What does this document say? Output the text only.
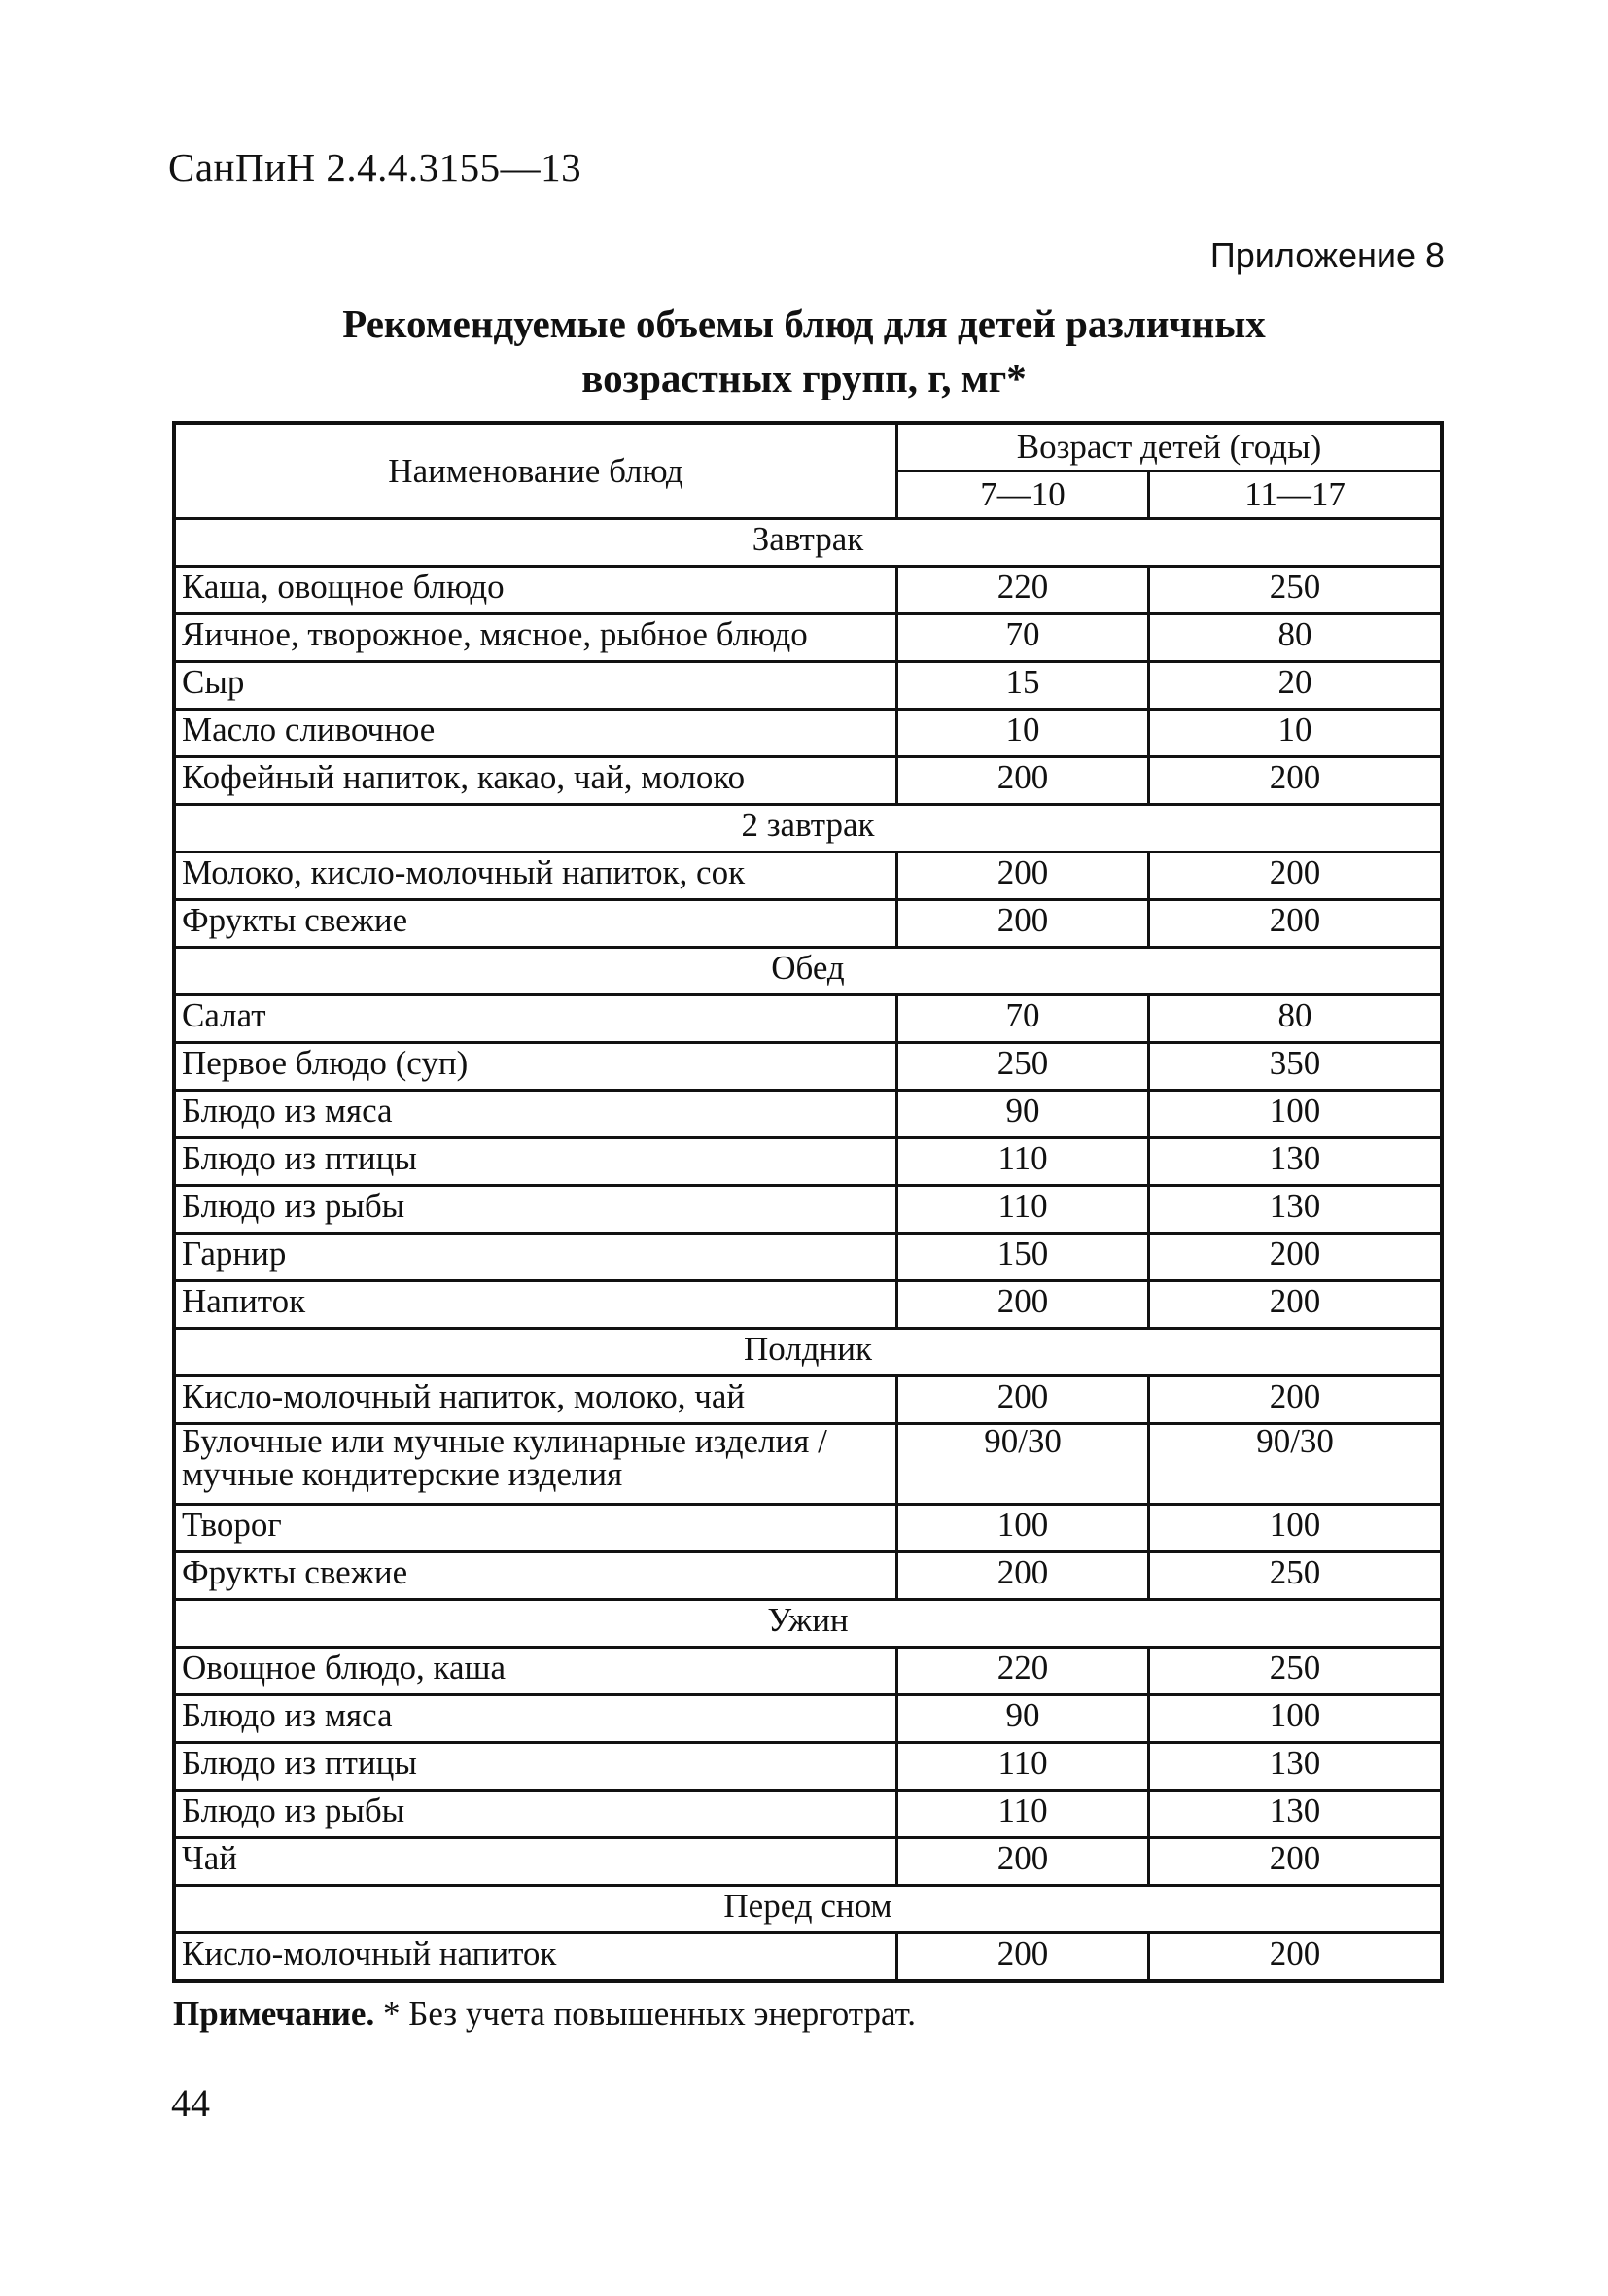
СанПиН 2.4.4.3155—13
Приложение 8
Рекомендуемые объемы блюд для детей различных
возрастных групп, г, мг*
Наименование блюд	Возраст детей (годы)	
	7—10	11—17
Завтрак		
Каша, овощное блюдо	220	250
Яичное, творожное, мясное, рыбное блюдо	70	80
Сыр	15	20
Масло сливочное	10	10
Кофейный напиток, какао, чай, молоко	200	200
2 завтрак		
Молоко, кисло-молочный напиток, сок	200	200
Фрукты свежие	200	200
Обед		
Салат	70	80
Первое блюдо (суп)	250	350
Блюдо из мяса	90	100
Блюдо из птицы	110	130
Блюдо из рыбы	110	130
Гарнир	150	200
Напиток	200	200
Полдник		
Кисло-молочный напиток, молоко, чай	200	200
Булочные или мучные кулинарные изделия / мучные кондитерские изделия	90/30	90/30
Творог	100	100
Фрукты свежие	200	250
Ужин		
Овощное блюдо, каша	220	250
Блюдо из мяса	90	100
Блюдо из птицы	110	130
Блюдо из рыбы	110	130
Чай	200	200
Перед сном		
Кисло-молочный напиток	200	200
Примечание. * Без учета повышенных энерготрат.
44
